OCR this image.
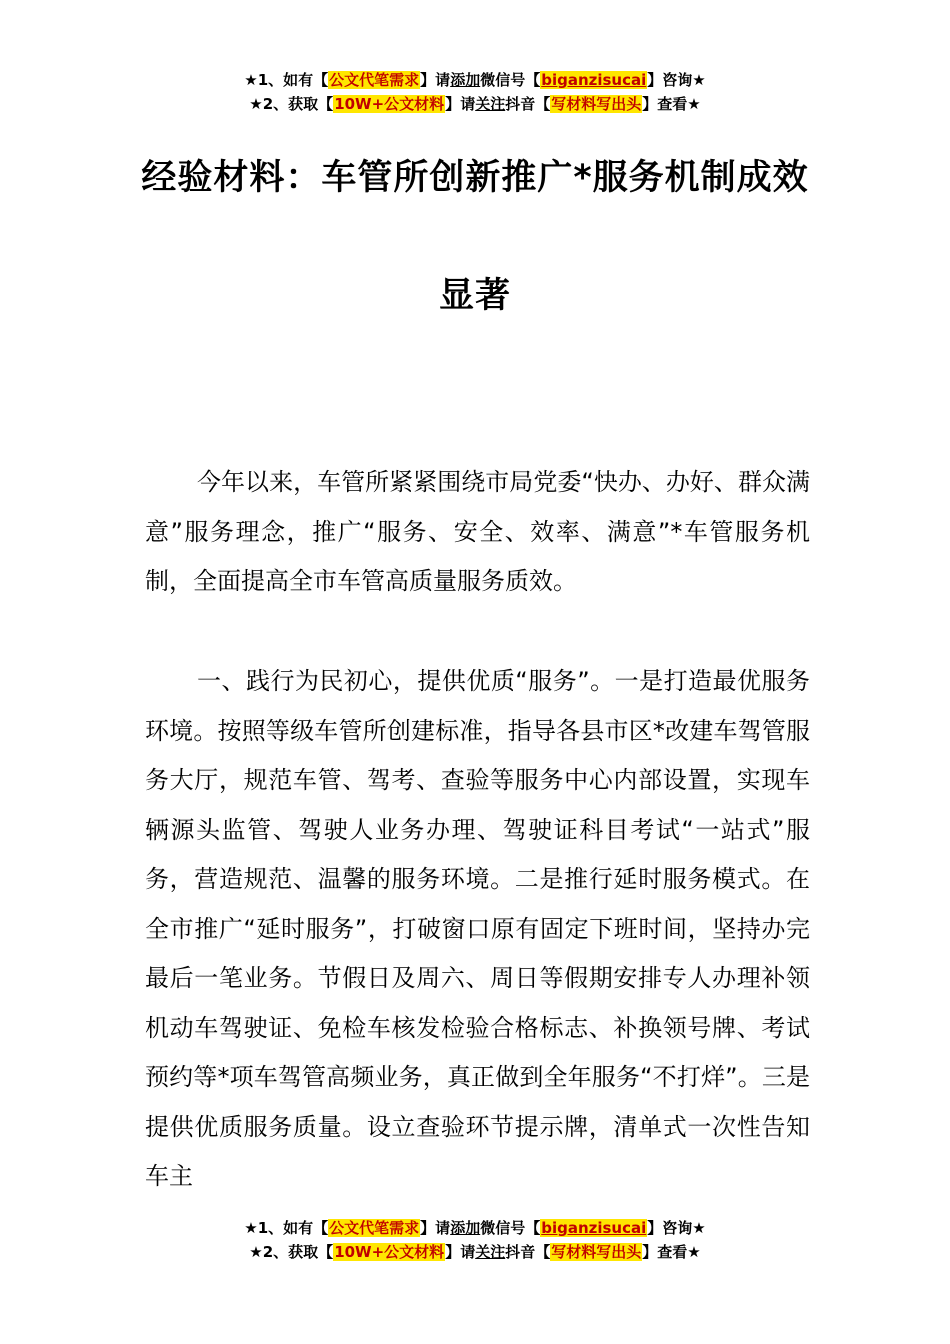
★1、如有【公文代笔需求】请添加微信号【biganzisucai】咨询★
★2、获取【10W+公文材料】请关注抖音【写材料写出头】查看★
经验材料：车管所创新推广*服务机制成效
显著

今年以来，车管所紧紧围绕市局党委“快办、办好、群众满意”服务理念，推广“服务、安全、效率、满意”*车管服务机制，全面提高全市车管高质量服务质效。

一、践行为民初心，提供优质“服务”。一是打造最优服务环境。按照等级车管所创建标准，指导各县市区*改建车驾管服务大厅，规范车管、驾考、查验等服务中心内部设置，实现车辆源头监管、驾驶人业务办理、驾驶证科目考试“一站式”服务，营造规范、温馨的服务环境。二是推行延时服务模式。在全市推广“延时服务”，打破窗口原有固定下班时间，坚持办完最后一笔业务。节假日及周六、周日等假期安排专人办理补领机动车驾驶证、免检车核发检验合格标志、补换领号牌、考试预约等*项车驾管高频业务，真正做到全年服务“不打烊”。三是提供优质服务质量。设立查验环节提示牌，清单式一次性告知车主

★1、如有【公文代笔需求】请添加微信号【biganzisucai】咨询★
★2、获取【10W+公文材料】请关注抖音【写材料写出头】查看★
